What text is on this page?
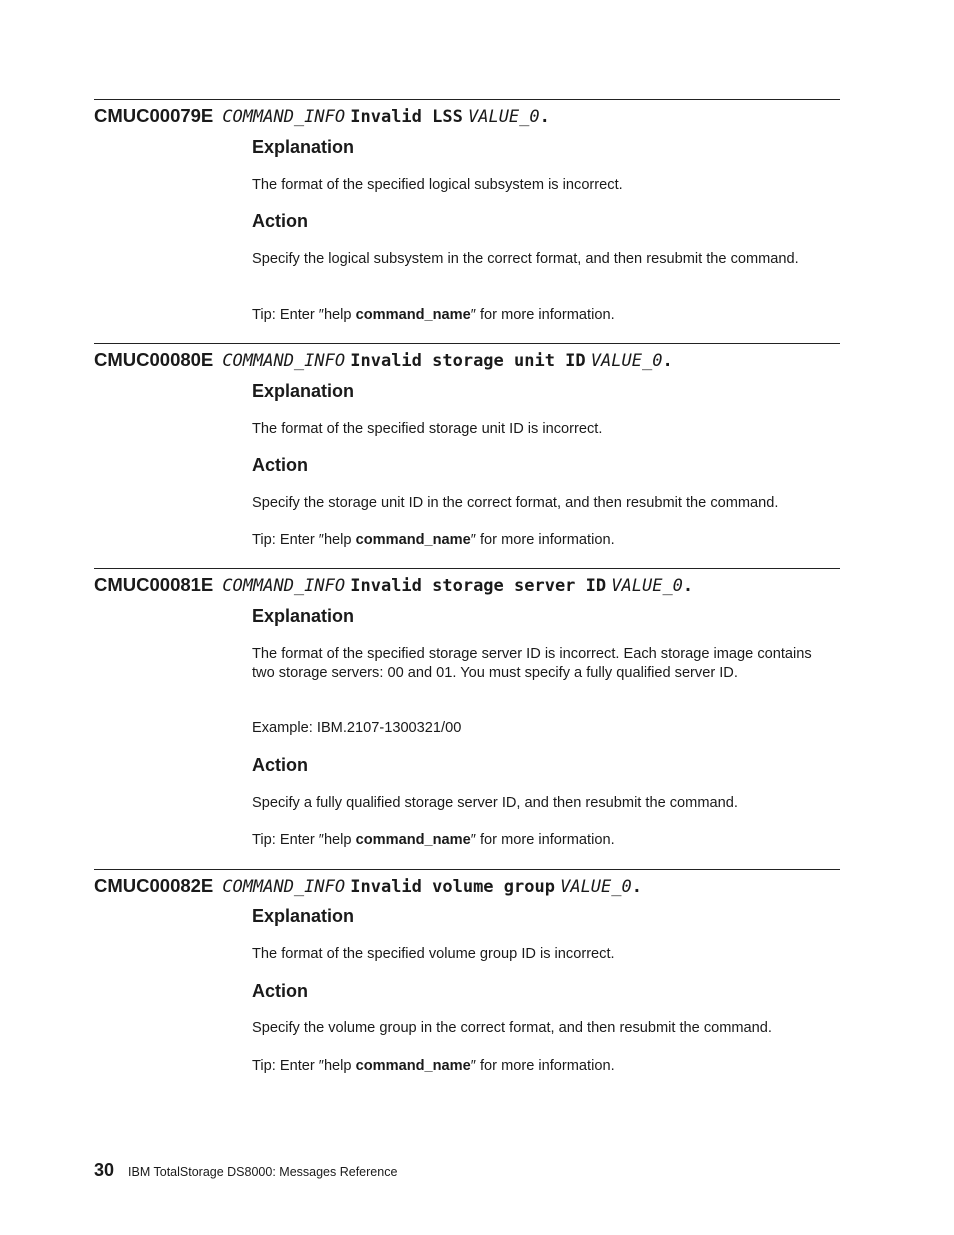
CMUC00079E COMMAND_INFO Invalid LSS VALUE_0.
Explanation
The format of the specified logical subsystem is incorrect.
Action
Specify the logical subsystem in the correct format, and then resubmit the command.
Tip: Enter ″help command_name″ for more information.
CMUC00080E COMMAND_INFO Invalid storage unit ID VALUE_0.
Explanation
The format of the specified storage unit ID is incorrect.
Specify the storage unit ID in the correct format, and then resubmit the command.
Action
Tip: Enter ″help command_name″ for more information.
CMUC00081E COMMAND_INFO Invalid storage server ID VALUE_0.
Explanation
The format of the specified storage server ID is incorrect. Each storage image contains two storage servers: 00 and 01. You must specify a fully qualified server ID.
Example: IBM.2107-1300321/00
Action
Specify a fully qualified storage server ID, and then resubmit the command.
Tip: Enter ″help command_name″ for more information.
CMUC00082E COMMAND_INFO Invalid volume group VALUE_0.
Explanation
The format of the specified volume group ID is incorrect.
Action
Specify the volume group in the correct format, and then resubmit the command.
Tip: Enter ″help command_name″ for more information.
30 IBM TotalStorage DS8000: Messages Reference
